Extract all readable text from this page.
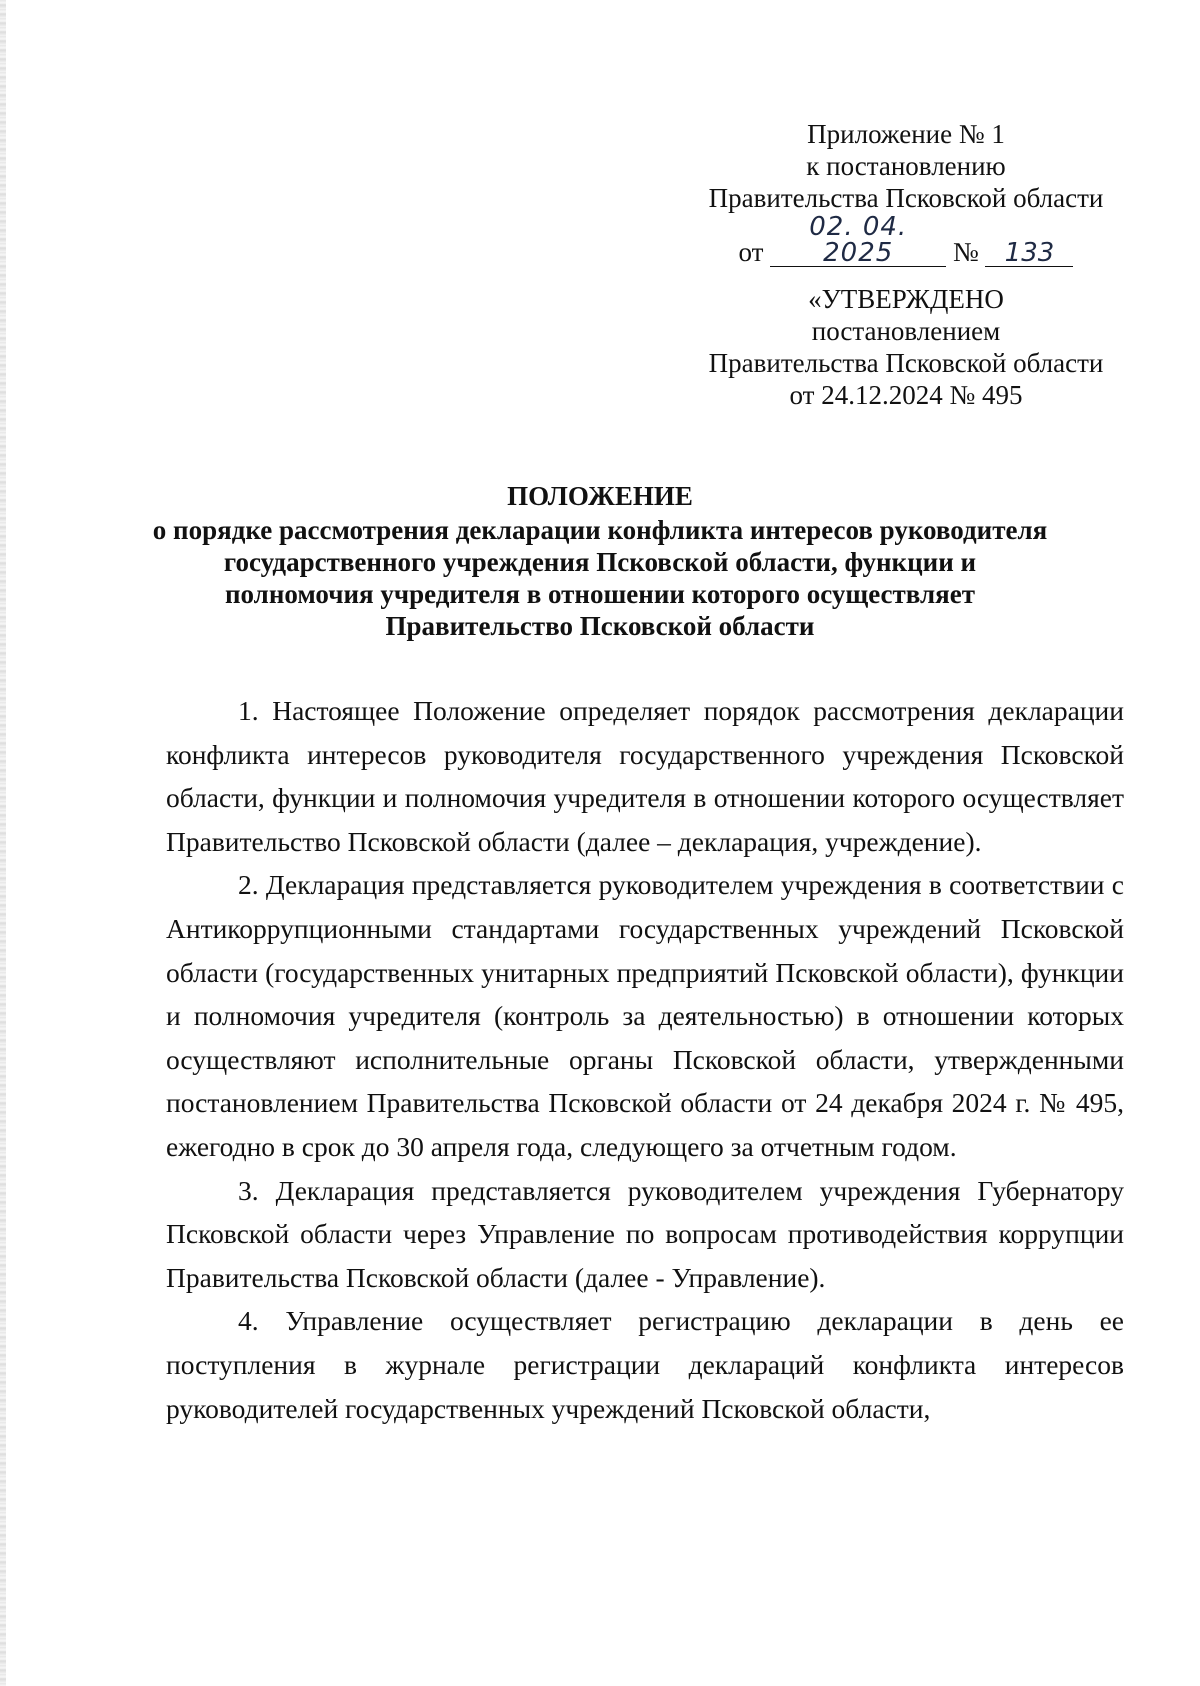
Приложение № 1
к постановлению
Правительства Псковской области
от 02. 04. 2025 № 133
«УТВЕРЖДЕНО
постановлением
Правительства Псковской области
от 24.12.2024 № 495
ПОЛОЖЕНИЕ
о порядке рассмотрения декларации конфликта интересов руководителя государственного учреждения Псковской области, функции и полномочия учредителя в отношении которого осуществляет Правительство Псковской области

1. Настоящее Положение определяет порядок рассмотрения декларации конфликта интересов руководителя государственного учреждения Псковской области, функции и полномочия учредителя в отношении которого осуществляет Правительство Псковской области (далее – декларация, учреждение).

2. Декларация представляется руководителем учреждения в соответствии с Антикоррупционными стандартами государственных учреждений Псковской области (государственных унитарных предприятий Псковской области), функции и полномочия учредителя (контроль за деятельностью) в отношении которых осуществляют исполнительные органы Псковской области, утвержденными постановлением Правительства Псковской области от 24 декабря 2024 г. № 495, ежегодно в срок до 30 апреля года, следующего за отчетным годом.

3. Декларация представляется руководителем учреждения Губернатору Псковской области через Управление по вопросам противодействия коррупции Правительства Псковской области (далее - Управление).

4. Управление осуществляет регистрацию декларации в день ее поступления в журнале регистрации деклараций конфликта интересов руководителей государственных учреждений Псковской области,
